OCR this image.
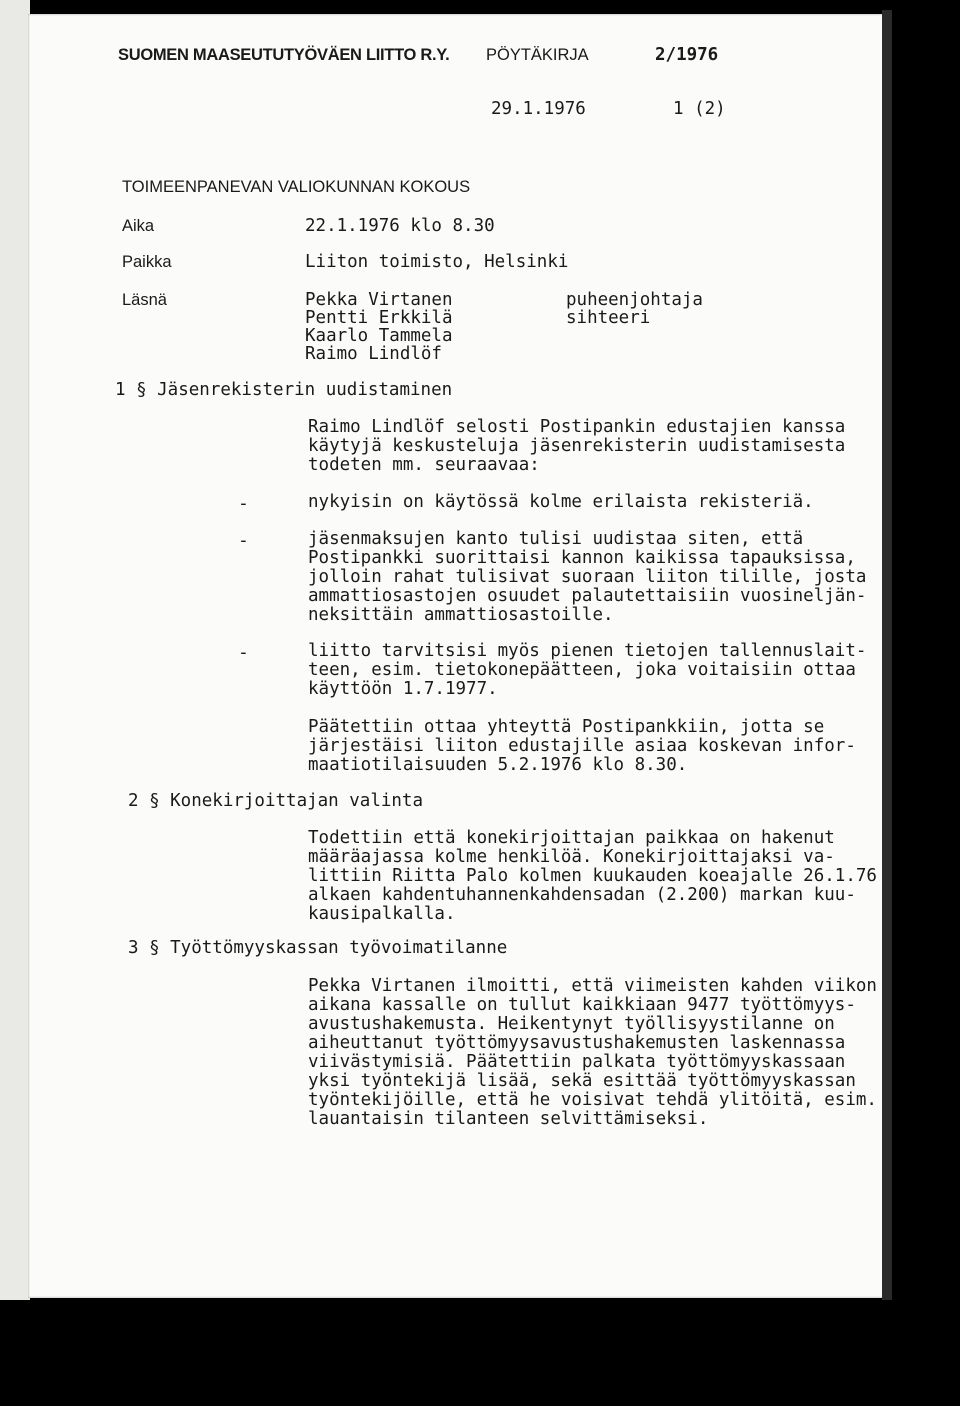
SUOMEN MAASEUTUTYÖVÄEN LIITTO R.Y. PÖYTÄKIRJA	2/1976

29.1.1976	1 (2)

TOIMEENPANEVAN VALIOKUNNAN KOKOUS

Aika	22.1.1976 klo 8.30

Paikka	Liiton toimisto, Helsinki

Läsnä	Pekka Virtanen	puheenjohtaja

Pentti Erkkilä	sihteeri

Kaarlo Tammela

Raimo Lindlöf

1 § Jäsenrekisterin uudistaminen

Raimo Lindlöf selosti Postipankin edustajien kanssa
käytyjä keskusteluja jäsenrekisterin uudistamisesta
todeten mm. seuraavaa:
-	nykyisin on käytössä kolme erilaista rekisteriä.
-	jäsenmaksujen kanto tulisi uudistaa siten, että
Postipankki suorittaisi kannon kaikissa tapauksissa,
jolloin rahat tulisivat suoraan liiton tilille, josta
ammattiosastojen osuudet palautettaisiin vuosineljän-
neksittäin ammattiosastoille.
-	liitto tarvitsisi myös pienen tietojen tallennuslait-
teen, esim. tietokonepäätteen, joka voitaisiin ottaa
käyttöön 1.7.1977.
Päätettiin ottaa yhteyttä Postipankkiin, jotta se
järjestäisi liiton edustajille asiaa koskevan infor-
maatiotilaisuuden 5.2.1976 klo 8.30.

2 § Konekirjoittajan valinta

Todettiin että konekirjoittajan paikkaa on hakenut
määräajassa kolme henkilöä. Konekirjoittajaksi va-
littiin Riitta Palo kolmen kuukauden koeajalle 26.1.76
alkaen kahdentuhannenkahdensadan (2.200) markan kuu-
kausipalkalla.

3 § Työttömyyskassan työvoimatilanne

Pekka Virtanen ilmoitti, että viimeisten kahden viikon
aikana kassalle on tullut kaikkiaan 9477 työttömyys-
avustushakemusta. Heikentynyt työllisyystilanne on
aiheuttanut työttömyysavustushakemusten laskennassa
viivästymisiä. Päätettiin palkata työttömyyskassaan
yksi työntekijä lisää, sekä esittää työttömyyskassan
työntekijöille, että he voisivat tehdä ylitöitä, esim.
lauantaisin tilanteen selvittämiseksi.
